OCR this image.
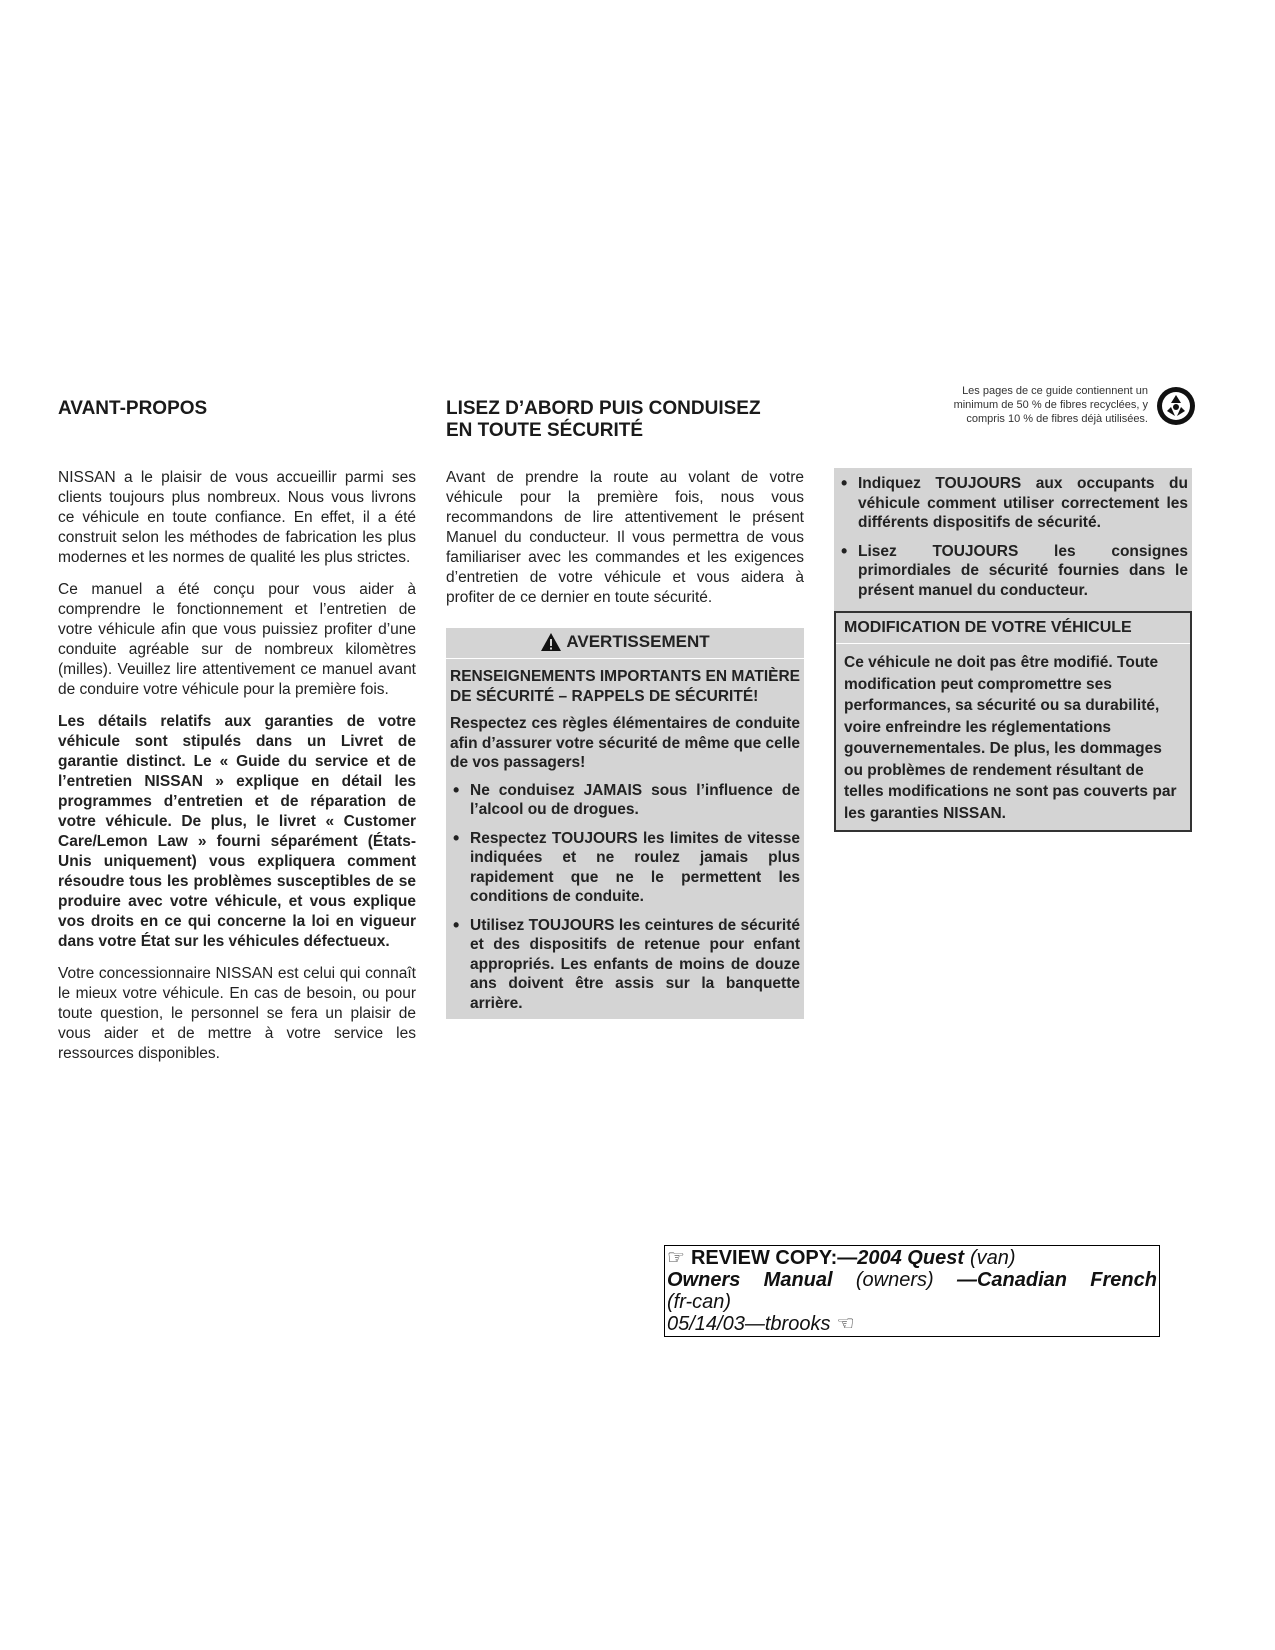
Les pages de ce guide contiennent un minimum de 50 % de fibres recyclées, y compris 10 % de fibres déjà utilisées.
AVANT-PROPOS

NISSAN a le plaisir de vous accueillir parmi ses clients toujours plus nombreux. Nous vous livrons ce véhicule en toute confiance. En effet, il a été construit selon les méthodes de fabrication les plus modernes et les normes de qualité les plus strictes.

Ce manuel a été conçu pour vous aider à comprendre le fonctionnement et l’entretien de votre véhicule afin que vous puissiez profiter d’une conduite agréable sur de nombreux kilomètres (milles). Veuillez lire attentivement ce manuel avant de conduire votre véhicule pour la première fois.

Les détails relatifs aux garanties de votre véhicule sont stipulés dans un Livret de garantie distinct. Le « Guide du service et de l’entretien NISSAN » explique en détail les programmes d’entretien et de réparation de votre véhicule. De plus, le livret « Customer Care/Lemon Law » fourni séparément (États-Unis uniquement) vous expliquera comment résoudre tous les problèmes susceptibles de se produire avec votre véhicule, et vous explique vos droits en ce qui concerne la loi en vigueur dans votre État sur les véhicules défectueux.

Votre concessionnaire NISSAN est celui qui connaît le mieux votre véhicule. En cas de besoin, ou pour toute question, le personnel se fera un plaisir de vous aider et de mettre à votre service les ressources disponibles.

LISEZ D’ABORD PUIS CONDUISEZ
EN TOUTE SÉCURITÉ

Avant de prendre la route au volant de votre véhicule pour la première fois, nous vous recommandons de lire attentivement le présent Manuel du conducteur. Il vous permettra de vous familiariser avec les commandes et les exigences d’entretien de votre véhicule et vous aidera à profiter de ce dernier en toute sécurité.

AVERTISSEMENT

RENSEIGNEMENTS IMPORTANTS EN MATIÈRE DE SÉCURITÉ – RAPPELS DE SÉCURITÉ!

Respectez ces règles élémentaires de conduite afin d’assurer votre sécurité de même que celle de vos passagers!

• Ne conduisez JAMAIS sous l’influence de l’alcool ou de drogues.
• Respectez TOUJOURS les limites de vitesse indiquées et ne roulez jamais plus rapidement que ne le permettent les conditions de conduite.
• Utilisez TOUJOURS les ceintures de sécurité et des dispositifs de retenue pour enfant appropriés. Les enfants de moins de douze ans doivent être assis sur la banquette arrière.
• Indiquez TOUJOURS aux occupants du véhicule comment utiliser correctement les différents dispositifs de sécurité.
• Lisez TOUJOURS les consignes primordiales de sécurité fournies dans le présent manuel du conducteur.
MODIFICATION DE VOTRE VÉHICULE

Ce véhicule ne doit pas être modifié. Toute modification peut compromettre ses performances, sa sécurité ou sa durabilité, voire enfreindre les réglementations gouvernementales. De plus, les dommages ou problèmes de rendement résultant de telles modifications ne sont pas couverts par les garanties NISSAN.

☞ REVIEW COPY:— 2004 Quest (van)
Owners Manual (owners) —Canadian French
(fr-can)
05/14/03—tbrooks ☜
